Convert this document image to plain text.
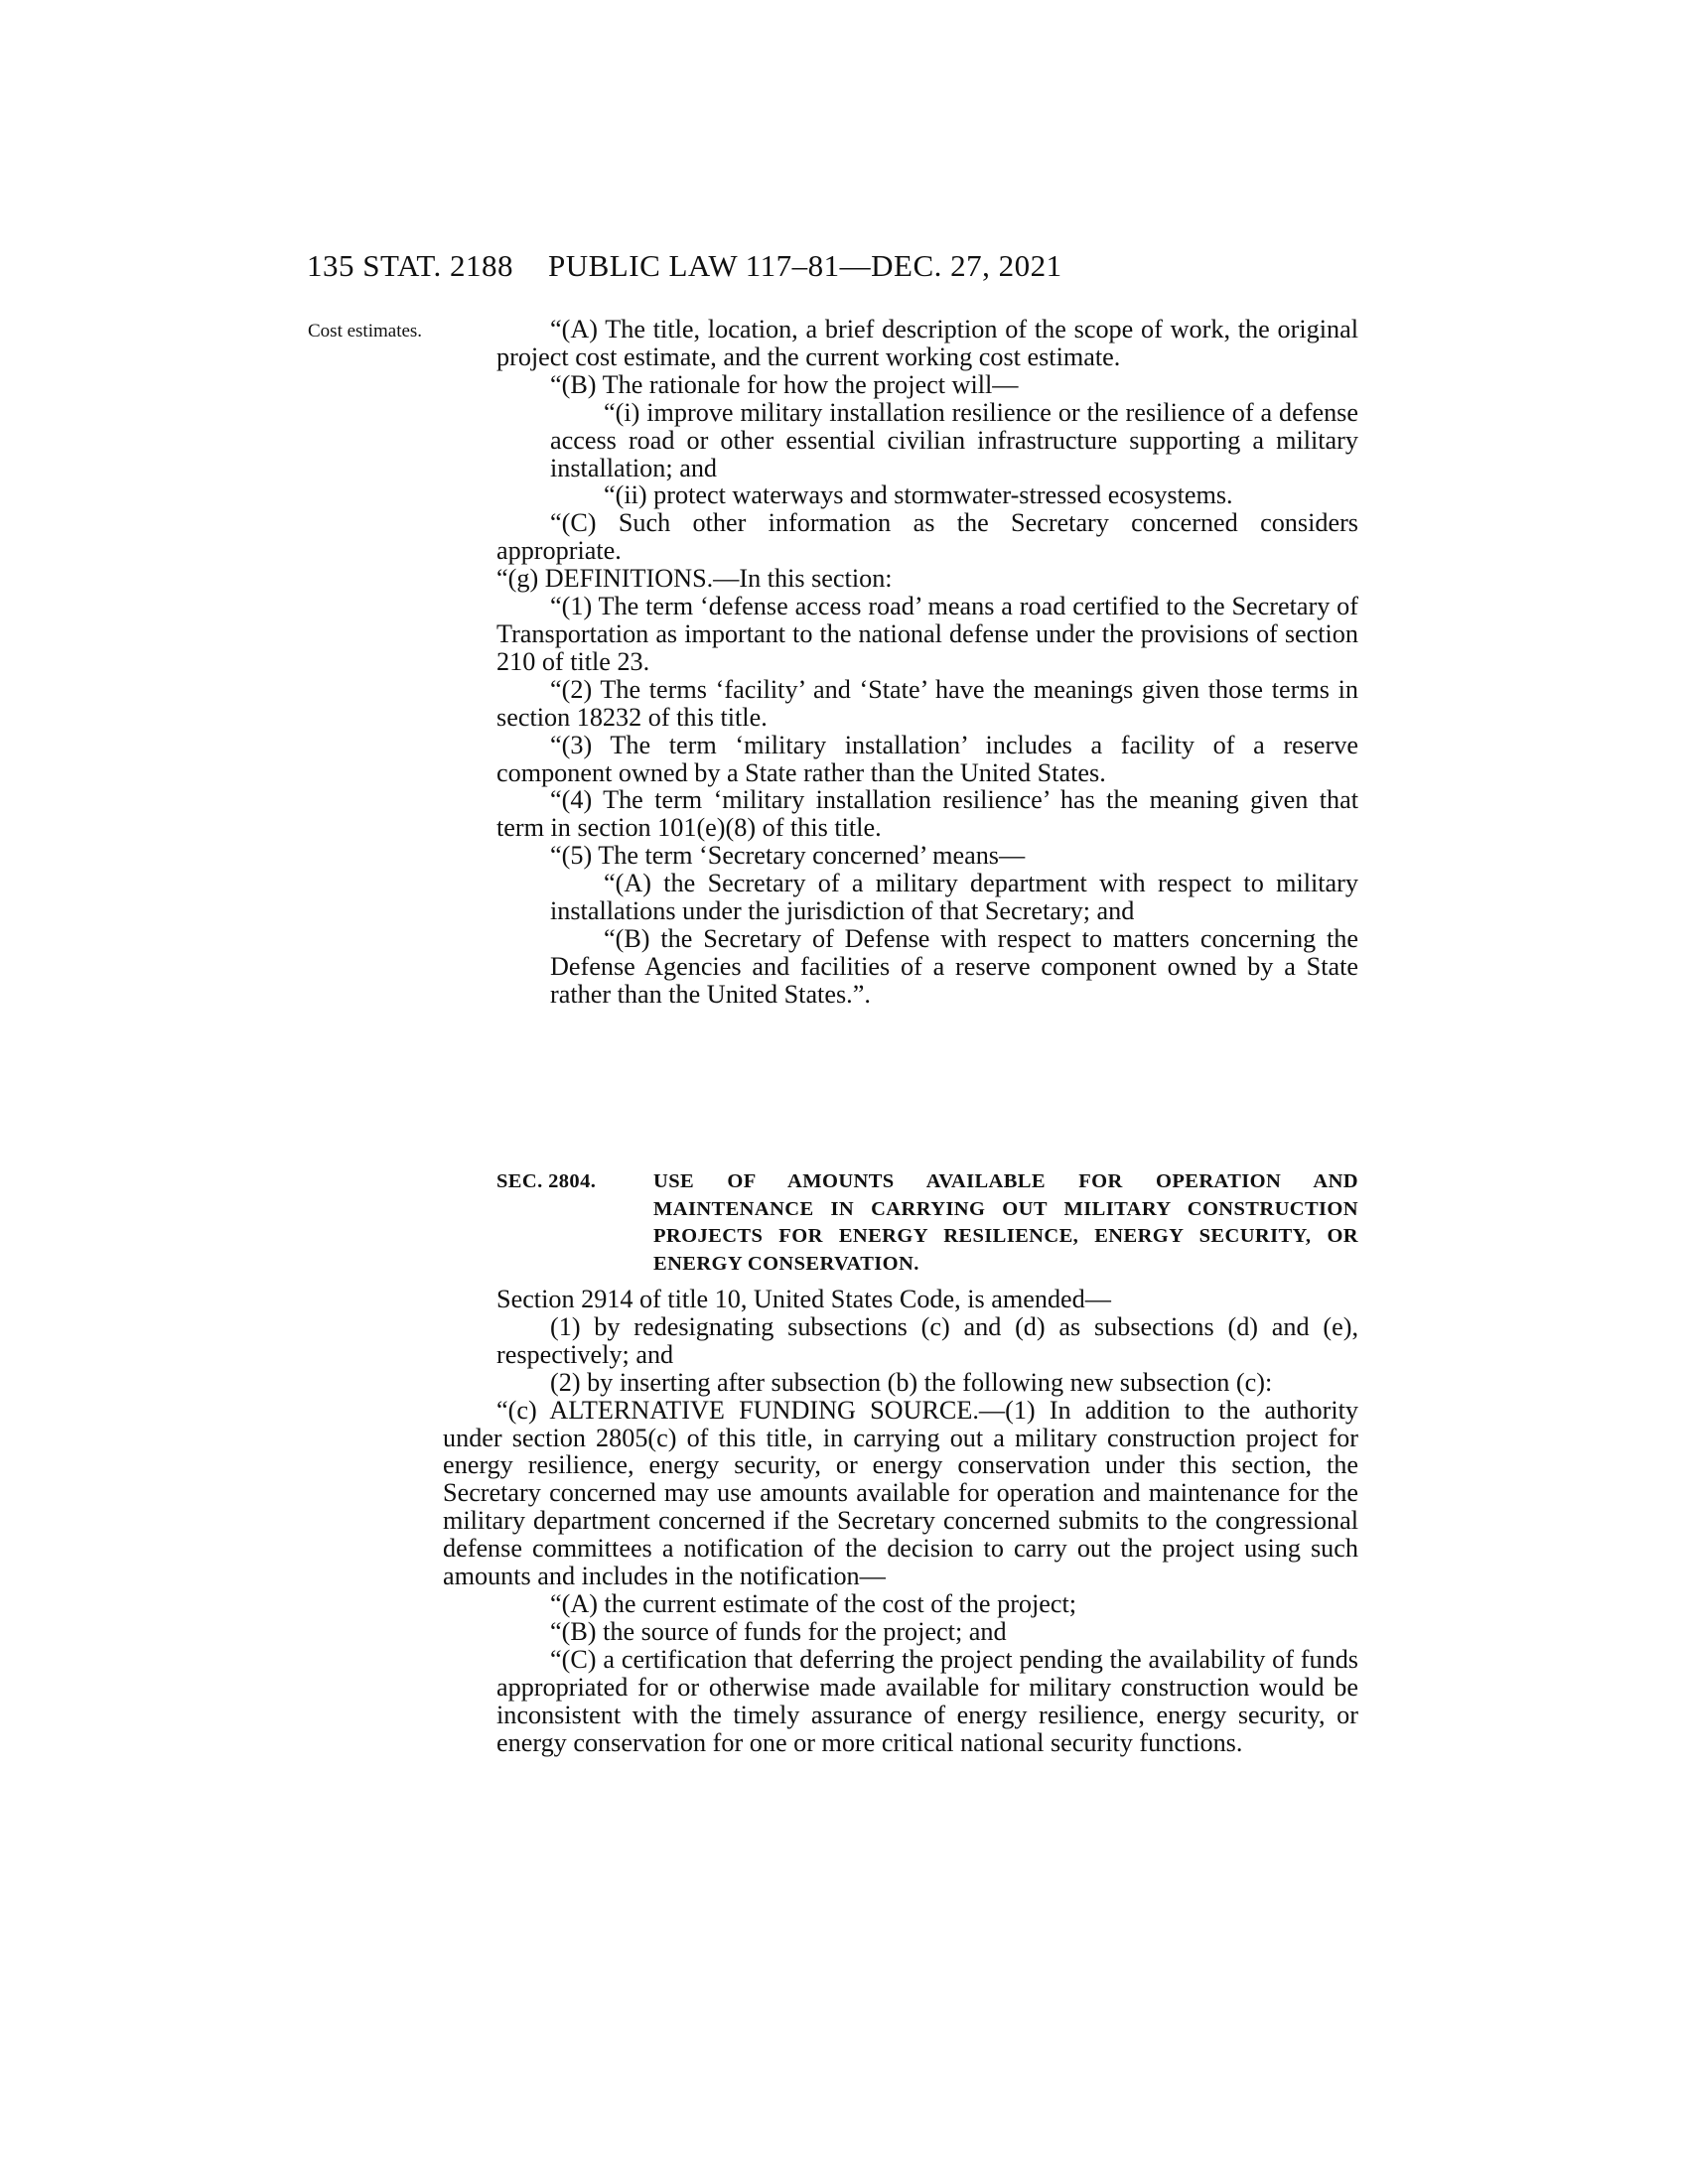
135 STAT. 2188 PUBLIC LAW 117–81—DEC. 27, 2021
Cost estimates.	“(A) The title, location, a brief description of the scope of work, the original project cost estimate, and the current working cost estimate.

“(B) The rationale for how the project will—

“(i) improve military installation resilience or the resilience of a defense access road or other essential civilian infrastructure supporting a military installation; and

“(ii) protect waterways and stormwater-stressed ecosystems.

“(C) Such other information as the Secretary concerned considers appropriate.

“(g) DEFINITIONS.—In this section:

“(1) The term ‘defense access road’ means a road certified to the Secretary of Transportation as important to the national defense under the provisions of section 210 of title 23.

“(2) The terms ‘facility’ and ‘State’ have the meanings given those terms in section 18232 of this title.

“(3) The term ‘military installation’ includes a facility of a reserve component owned by a State rather than the United States.

“(4) The term ‘military installation resilience’ has the meaning given that term in section 101(e)(8) of this title.

“(5) The term ‘Secretary concerned’ means—

“(A) the Secretary of a military department with respect to military installations under the jurisdiction of that Secretary; and

“(B) the Secretary of Defense with respect to matters concerning the Defense Agencies and facilities of a reserve component owned by a State rather than the United States.”.

SEC. 2804.	USE OF AMOUNTS AVAILABLE FOR OPERATION AND MAINTENANCE IN CARRYING OUT MILITARY CONSTRUCTION PROJECTS FOR ENERGY RESILIENCE, ENERGY SECURITY, OR ENERGY CONSERVATION.

Section 2914 of title 10, United States Code, is amended—

(1) by redesignating subsections (c) and (d) as subsections (d) and (e), respectively; and

(2) by inserting after subsection (b) the following new subsection (c):

“(c) ALTERNATIVE FUNDING SOURCE.—(1) In addition to the authority under section 2805(c) of this title, in carrying out a military construction project for energy resilience, energy security, or energy conservation under this section, the Secretary concerned may use amounts available for operation and maintenance for the military department concerned if the Secretary concerned submits to the congressional defense committees a notification of the decision to carry out the project using such amounts and includes in the notification—

“(A) the current estimate of the cost of the project;

“(B) the source of funds for the project; and

“(C) a certification that deferring the project pending the availability of funds appropriated for or otherwise made available for military construction would be inconsistent with the timely assurance of energy resilience, energy security, or energy conservation for one or more critical national security functions.
